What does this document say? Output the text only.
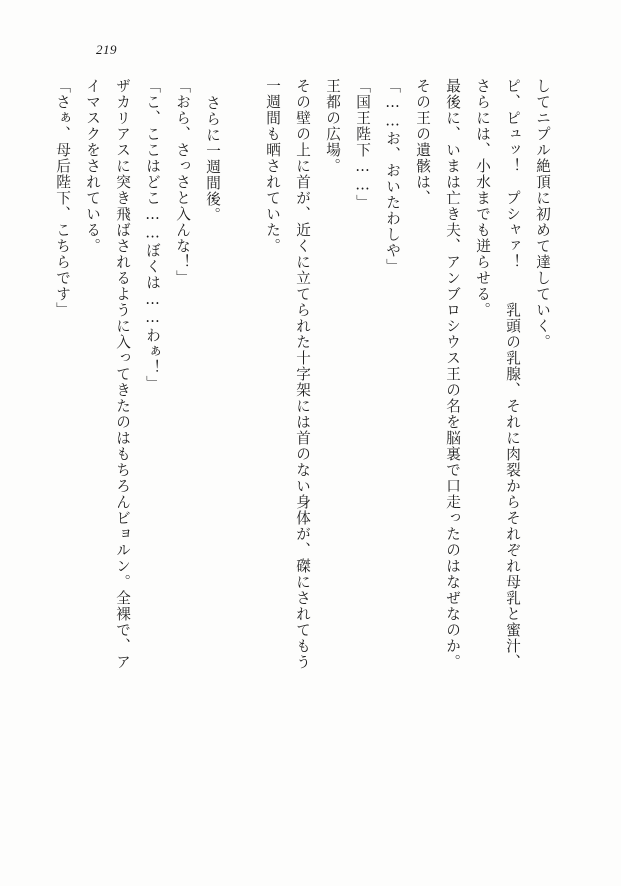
219
してニプル絶頂に初めて達していく。
ピ、ピュッ！　プシャァ！　　乳頭の乳腺、それに肉裂からそれぞれ母乳と蜜汁、
さらには、小水までも迸らせる。
最後に、いまは亡き夫、アンブロシウス王の名を脳裏で口走ったのはなぜなのか。
その王の遺骸は、
「……お、おいたわしや」
「国王陛下……」
王都の広場。
その壁の上に首が、近くに立てられた十字架には首のない身体が、磔にされてもう
一週間も晒されていた。
さらに一週間後。
「おら、さっさと入んな！」
「こ、ここはどこ……ぼくは……わぁ！」
ザカリアスに突き飛ばされるように入ってきたのはもちろんビョルン。全裸で、ア
イマスクをされている。
「さぁ、母后陛下、こちらです」
